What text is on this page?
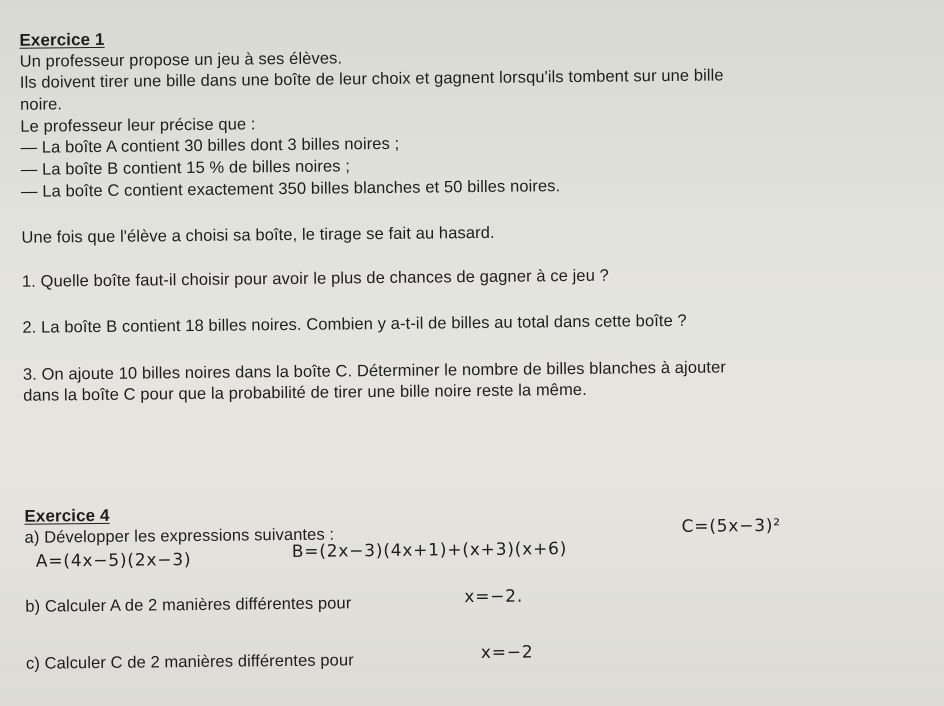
Exercice 1
Un professeur propose un jeu à ses élèves.
Ils doivent tirer une bille dans une boîte de leur choix et gagnent lorsqu'ils tombent sur une bille
noire.
Le professeur leur précise que :
— La boîte A contient 30 billes dont 3 billes noires ;
— La boîte B contient 15 % de billes noires ;
— La boîte C contient exactement 350 billes blanches et 50 billes noires.
Une fois que l'élève a choisi sa boîte, le tirage se fait au hasard.
1. Quelle boîte faut-il choisir pour avoir le plus de chances de gagner à ce jeu ?
2. La boîte B contient 18 billes noires. Combien y a-t-il de billes au total dans cette boîte ?
3. On ajoute 10 billes noires dans la boîte C. Déterminer le nombre de billes blanches à ajouter
dans la boîte C pour que la probabilité de tirer une bille noire reste la même.
Exercice 4
a) Développer les expressions suivantes :
A=(4x−5)(2x−3)	B=(2x−3)(4x+1)+(x+3)(x+6)
C=(5x−3)²
b) Calculer A de 2 manières différentes pour	x=−2.
c) Calculer C de 2 manières différentes pour	x=−2
